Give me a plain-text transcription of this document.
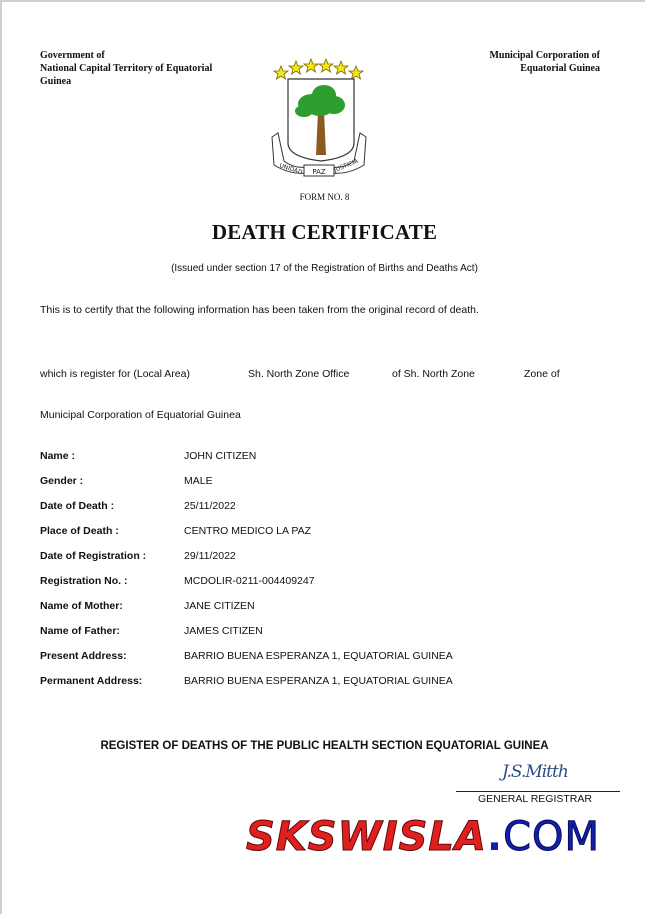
Government of
National Capital Territory of Equatorial
Guinea
Municipal Corporation of
Equatorial Guinea
UNIDAD PAZ JUSTICIA
FORM NO. 8
DEATH CERTIFICATE
(Issued under section 17 of the Registration of Births and Deaths Act)
This is to certify that the following information has been taken from the original record of death.
which is register for (Local Area)	Sh. North Zone Office	of Sh. North Zone	Zone of
Municipal Corporation of Equatorial Guinea
Name :	JOHN CITIZEN
Gender :	MALE
Date of Death :	25/11/2022
Place of Death :	CENTRO MEDICO LA PAZ
Date of Registration :	29/11/2022
Registration No. :	MCDOLIR-0211-004409247
Name of Mother:	JANE CITIZEN
Name of Father:	JAMES CITIZEN
Present Address:	BARRIO BUENA ESPERANZA 1, EQUATORIAL GUINEA
Permanent Address:	BARRIO BUENA ESPERANZA 1, EQUATORIAL GUINEA
REGISTER OF DEATHS OF THE PUBLIC HEALTH SECTION EQUATORIAL GUINEA
J.S.Mitth
GENERAL REGISTRAR
SKSWISLA.COM
